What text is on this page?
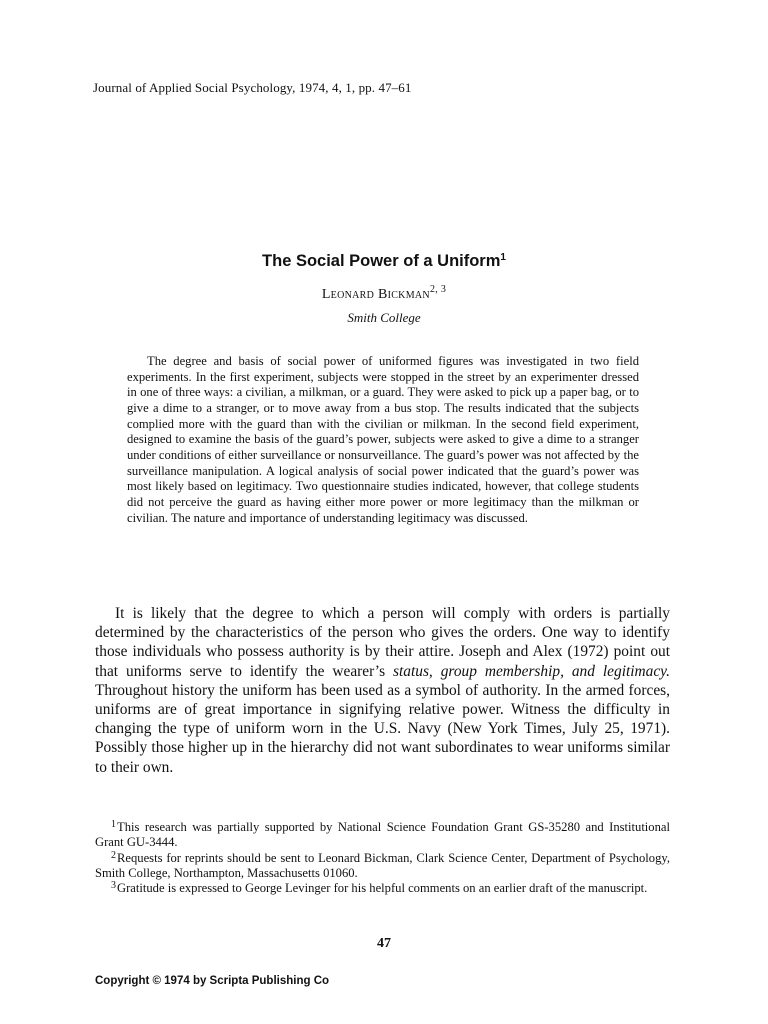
Journal of Applied Social Psychology, 1974, 4, 1, pp. 47–61
The Social Power of a Uniform$^1$
Leonard Bickman$^{2, 3}$
Smith College
The degree and basis of social power of uniformed figures was investigated in two field experiments. In the first experiment, subjects were stopped in the street by an experimenter dressed in one of three ways: a civilian, a milkman, or a guard. They were asked to pick up a paper bag, or to give a dime to a stranger, or to move away from a bus stop. The results indicated that the subjects complied more with the guard than with the civilian or milkman. In the second field experiment, designed to examine the basis of the guard’s power, subjects were asked to give a dime to a stranger under conditions of either surveillance or nonsurveillance. The guard’s power was not affected by the surveillance manipulation. A logical analysis of social power indicated that the guard’s power was most likely based on legitimacy. Two questionnaire studies indicated, however, that college students did not perceive the guard as having either more power or more legitimacy than the milkman or civilian. The nature and importance of understanding legitimacy was discussed.
It is likely that the degree to which a person will comply with orders is partially determined by the characteristics of the person who gives the orders. One way to identify those individuals who possess authority is by their attire. Joseph and Alex (1972) point out that uniforms serve to identify the wearer’s status, group membership, and legitimacy. Throughout history the uniform has been used as a symbol of authority. In the armed forces, uniforms are of great importance in signifying relative power. Witness the difficulty in changing the type of uniform worn in the U.S. Navy (New York Times, July 25, 1971). Possibly those higher up in the hierarchy did not want subordinates to wear uniforms similar to their own.

$^1$This research was partially supported by National Science Foundation Grant GS-35280 and Institutional Grant GU-3444.

$^2$Requests for reprints should be sent to Leonard Bickman, Clark Science Center, Department of Psychology, Smith College, Northampton, Massachusetts 01060.

$^3$Gratitude is expressed to George Levinger for his helpful comments on an earlier draft of the manuscript.

47
Copyright © 1974 by Scripta Publishing Co
